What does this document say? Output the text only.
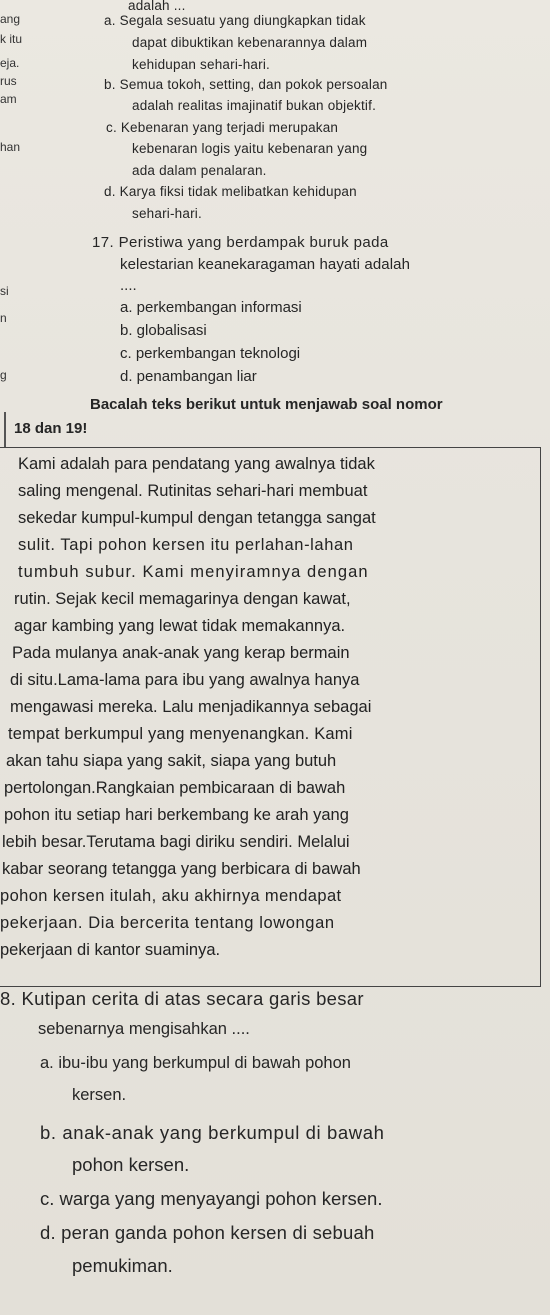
ang
k itu
eja.
rus
am
han
si
n
g
adalah ...
a. Segala sesuatu yang diungkapkan tidak
dapat dibuktikan kebenarannya dalam
kehidupan sehari-hari.
b. Semua tokoh, setting, dan pokok persoalan
adalah realitas imajinatif bukan objektif.
c. Kebenaran yang terjadi merupakan
kebenaran logis yaitu kebenaran yang
ada dalam penalaran.
d. Karya fiksi tidak melibatkan kehidupan
sehari-hari.
17. Peristiwa yang berdampak buruk pada
kelestarian keanekaragaman hayati adalah
....
a. perkembangan informasi
b. globalisasi
c. perkembangan teknologi
d. penambangan liar
Bacalah teks berikut untuk menjawab soal nomor
18 dan 19!
Kami adalah para pendatang yang awalnya tidak
saling mengenal. Rutinitas sehari-hari membuat
sekedar kumpul-kumpul dengan tetangga sangat
sulit. Tapi pohon kersen itu perlahan-lahan
tumbuh subur. Kami menyiramnya dengan
rutin. Sejak kecil memagarinya dengan kawat,
agar kambing yang lewat tidak memakannya.
Pada mulanya anak-anak yang kerap bermain
di situ.Lama-lama para ibu yang awalnya hanya
mengawasi mereka. Lalu menjadikannya sebagai
tempat berkumpul yang menyenangkan. Kami
akan tahu siapa yang sakit, siapa yang butuh
pertolongan.Rangkaian pembicaraan di bawah
pohon itu setiap hari berkembang ke arah yang
lebih besar.Terutama bagi diriku sendiri. Melalui
kabar seorang tetangga yang berbicara di bawah
pohon kersen itulah, aku akhirnya mendapat
pekerjaan. Dia bercerita tentang lowongan
pekerjaan di kantor suaminya.
8. Kutipan cerita di atas secara garis besar
sebenarnya mengisahkan ....
a. ibu-ibu yang berkumpul di bawah pohon
kersen.
b. anak-anak yang berkumpul di bawah
pohon kersen.
c. warga yang menyayangi pohon kersen.
d. peran ganda pohon kersen di sebuah
pemukiman.
